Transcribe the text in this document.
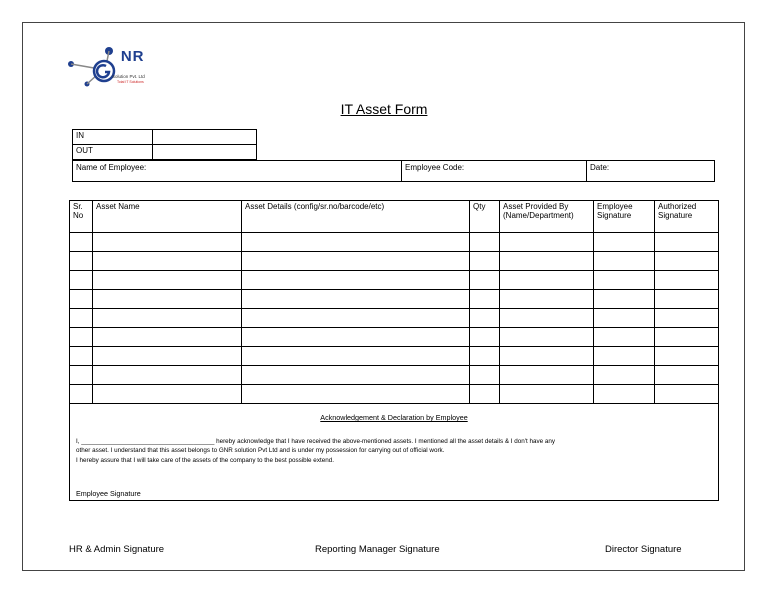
NR
Solution Pvt. Ltd
Total IT Solutions
IT Asset Form
IN	
OUT	
Name of Employee:	Employee Code:	Date:
Sr. No	Asset Name	Asset Details (config/sr.no/barcode/etc)	Qty	Asset Provided By (Name/Department)	Employee Signature	Authorized Signature

Acknowledgement & Declaration by Employee
I, ______________________________________ hereby acknowledge that I have received the above-mentioned assets. I mentioned all the asset details & I don't have any
other asset. I understand that this asset belongs to GNR solution Pvt Ltd and is under my possession for carrying out of official work.
I hereby assure that I will take care of the assets of the company to the best possible extend.
Employee Signature
HR & Admin Signature	Reporting Manager Signature	Director Signature
